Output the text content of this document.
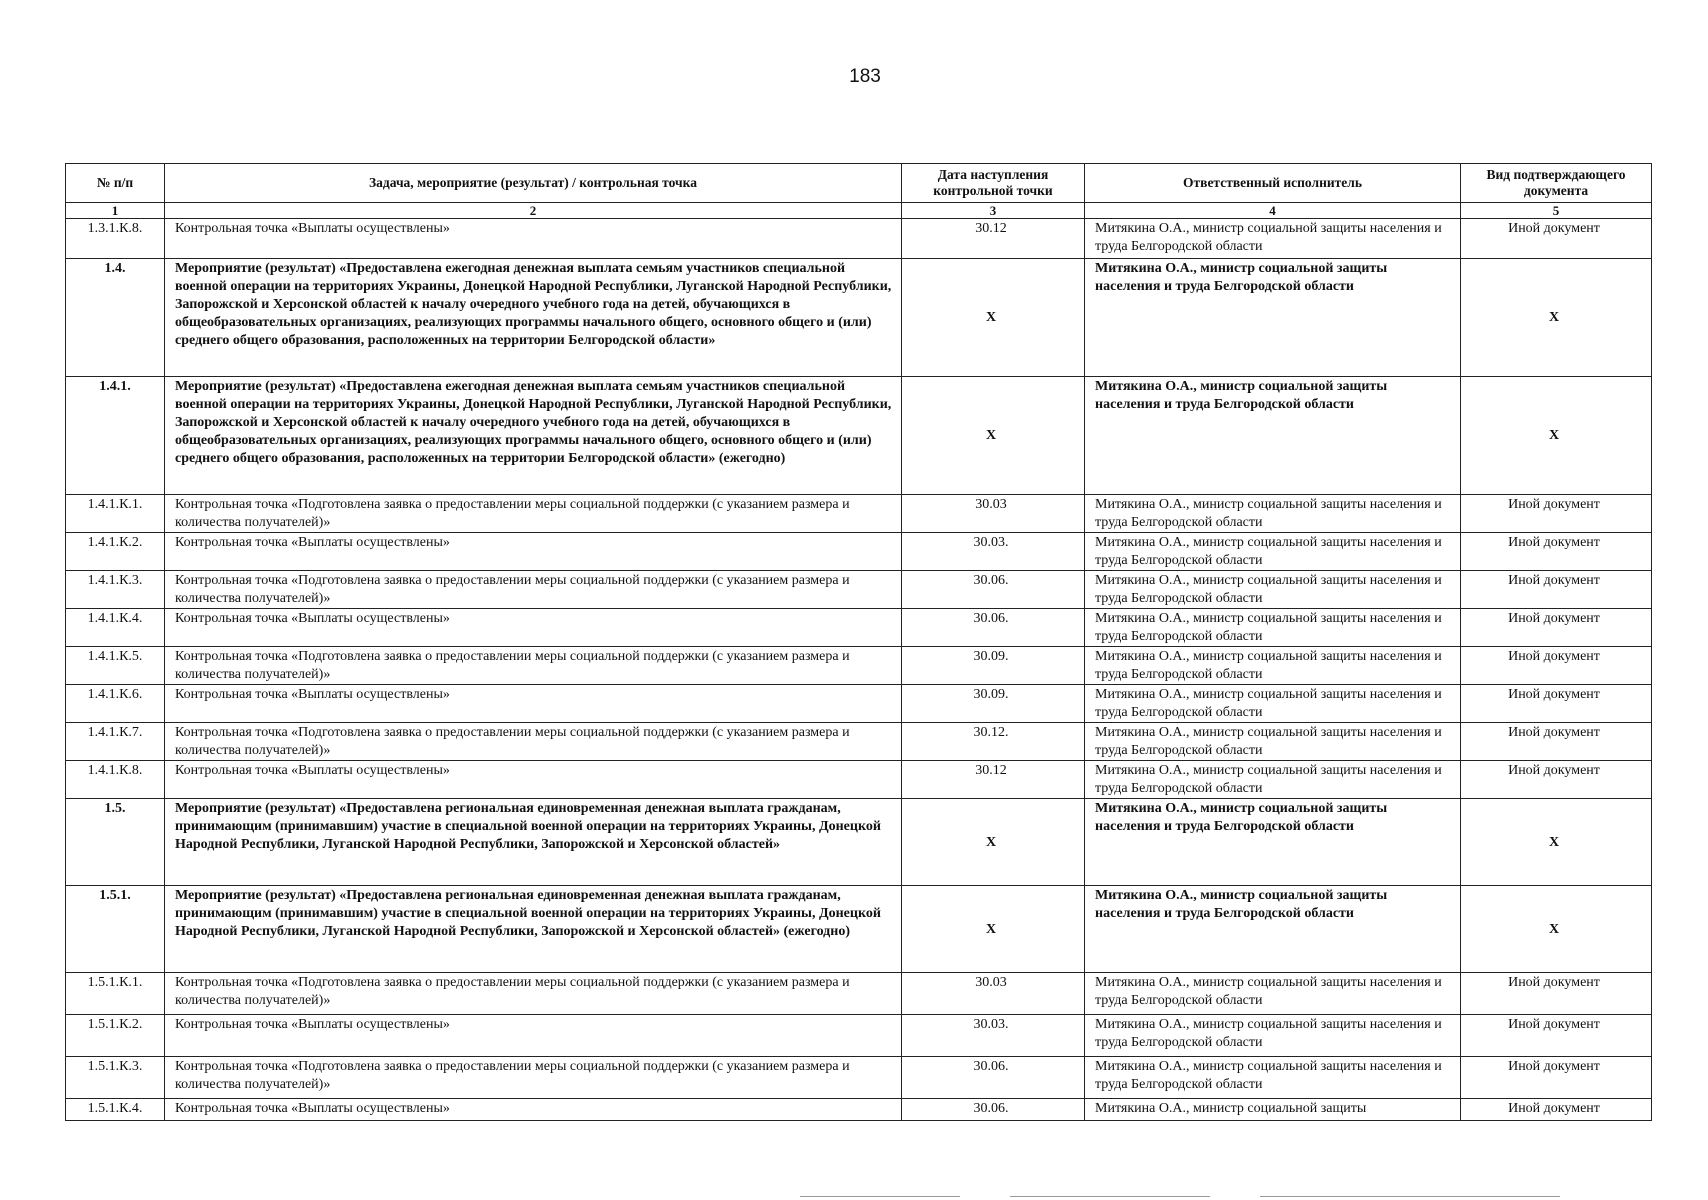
183
№ п/п	Задача, мероприятие (результат) / контрольная точка	Дата наступления контрольной точки	Ответственный исполнитель	Вид подтверждающего документа
1	2	3	4	5
1.3.1.К.8.	Контрольная точка «Выплаты осуществлены»	30.12	Митякина О.А., министр социальной защиты населения и труда Белгородской области	Иной документ
1.4.	Мероприятие (результат) «Предоставлена ежегодная денежная выплата семьям участников специальной военной операции на территориях Украины, Донецкой Народной Республики, Луганской Народной Республики, Запорожской и Херсонской областей к началу очередного учебного года на детей, обучающихся в общеобразовательных организациях, реализующих программы начального общего, основного общего и (или) среднего общего образования, расположенных на территории Белгородской области»	Х	Митякина О.А., министр социальной защиты населения и труда Белгородской области	Х
1.4.1.	Мероприятие (результат) «Предоставлена ежегодная денежная выплата семьям участников специальной военной операции на территориях Украины, Донецкой Народной Республики, Луганской Народной Республики, Запорожской и Херсонской областей к началу очередного учебного года на детей, обучающихся в общеобразовательных организациях, реализующих программы начального общего, основного общего и (или) среднего общего образования, расположенных на территории Белгородской области» (ежегодно)	Х	Митякина О.А., министр социальной защиты населения и труда Белгородской области	Х
1.4.1.К.1.	Контрольная точка «Подготовлена заявка о предоставлении меры социальной поддержки (с указанием размера и количества получателей)»	30.03	Митякина О.А., министр социальной защиты населения и труда Белгородской области	Иной документ
1.4.1.К.2.	Контрольная точка «Выплаты осуществлены»	30.03.	Митякина О.А., министр социальной защиты населения и труда Белгородской области	Иной документ
1.4.1.К.3.	Контрольная точка «Подготовлена заявка о предоставлении меры социальной поддержки (с указанием размера и количества получателей)»	30.06.	Митякина О.А., министр социальной защиты населения и труда Белгородской области	Иной документ
1.4.1.К.4.	Контрольная точка «Выплаты осуществлены»	30.06.	Митякина О.А., министр социальной защиты населения и труда Белгородской области	Иной документ
1.4.1.К.5.	Контрольная точка «Подготовлена заявка о предоставлении меры социальной поддержки (с указанием размера и количества получателей)»	30.09.	Митякина О.А., министр социальной защиты населения и труда Белгородской области	Иной документ
1.4.1.К.6.	Контрольная точка «Выплаты осуществлены»	30.09.	Митякина О.А., министр социальной защиты населения и труда Белгородской области	Иной документ
1.4.1.К.7.	Контрольная точка «Подготовлена заявка о предоставлении меры социальной поддержки (с указанием размера и количества получателей)»	30.12.	Митякина О.А., министр социальной защиты населения и труда Белгородской области	Иной документ
1.4.1.К.8.	Контрольная точка «Выплаты осуществлены»	30.12	Митякина О.А., министр социальной защиты населения и труда Белгородской области	Иной документ
1.5.	Мероприятие (результат) «Предоставлена региональная единовременная денежная выплата гражданам, принимающим (принимавшим) участие в специальной военной операции на территориях Украины, Донецкой Народной Республики, Луганской Народной Республики, Запорожской и Херсонской областей»	Х	Митякина О.А., министр социальной защиты населения и труда Белгородской области	Х
1.5.1.	Мероприятие (результат) «Предоставлена региональная единовременная денежная выплата гражданам, принимающим (принимавшим) участие в специальной военной операции на территориях Украины, Донецкой Народной Республики, Луганской Народной Республики, Запорожской и Херсонской областей» (ежегодно)	Х	Митякина О.А., министр социальной защиты населения и труда Белгородской области	Х
1.5.1.К.1.	Контрольная точка «Подготовлена заявка о предоставлении меры социальной поддержки (с указанием размера и количества получателей)»	30.03	Митякина О.А., министр социальной защиты населения и труда Белгородской области	Иной документ
1.5.1.К.2.	Контрольная точка «Выплаты осуществлены»	30.03.	Митякина О.А., министр социальной защиты населения и труда Белгородской области	Иной документ
1.5.1.К.3.	Контрольная точка «Подготовлена заявка о предоставлении меры социальной поддержки (с указанием размера и количества получателей)»	30.06.	Митякина О.А., министр социальной защиты населения и труда Белгородской области	Иной документ
1.5.1.К.4.	Контрольная точка «Выплаты осуществлены»	30.06.	Митякина О.А., министр социальной защиты	Иной документ
